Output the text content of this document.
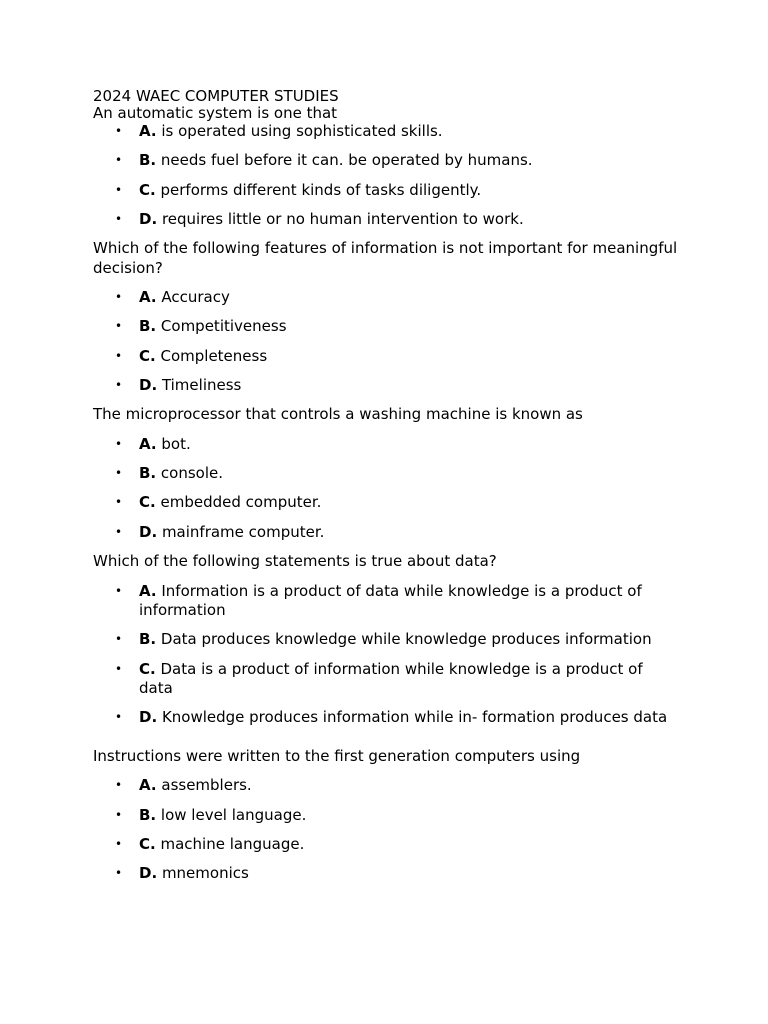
2024 WAEC COMPUTER STUDIES

An automatic system is one that

• A. is operated using sophisticated skills.
• B. needs fuel before it can. be operated by humans.
• C. performs different kinds of tasks diligently.
• D. requires little or no human intervention to work.

Which of the following features of information is not important for meaningful decision?

• A. Accuracy
• B. Competitiveness
• C. Completeness
• D. Timeliness

The microprocessor that controls a washing machine is known as

• A. bot.
• B. console.
• C. embedded computer.
• D. mainframe computer.

Which of the following statements is true about data?

• A. Information is a product of data while knowledge is a product of information
• B. Data produces knowledge while knowledge produces information
• C. Data is a product of information while knowledge is a product of data
• D. Knowledge produces information while in- formation produces data

Instructions were written to the first generation computers using

• A. assemblers.
• B. low level language.
• C. machine language.
• D. mnemonics
